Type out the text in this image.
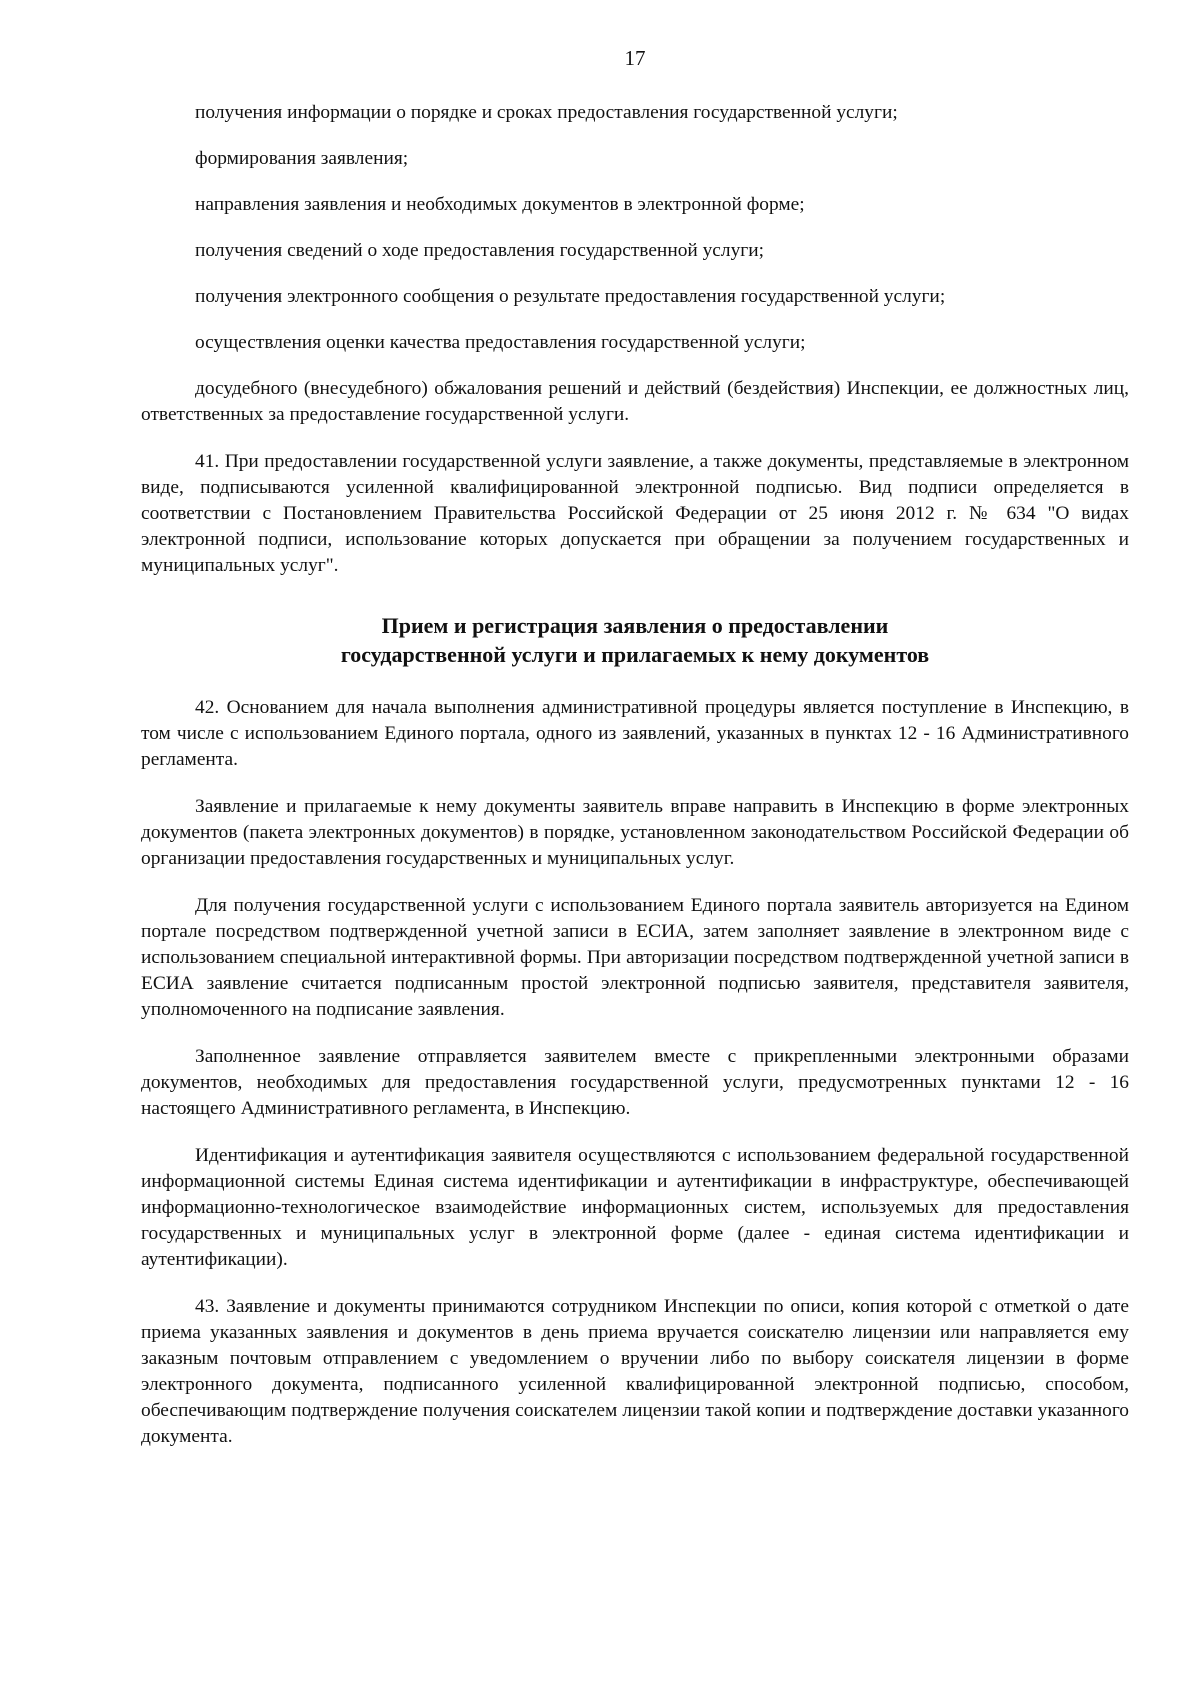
17

получения информации о порядке и сроках предоставления государственной услуги;

формирования заявления;

направления заявления и необходимых документов в электронной форме;

получения сведений о ходе предоставления государственной услуги;

получения электронного сообщения о результате предоставления государственной услуги;

осуществления оценки качества предоставления государственной услуги;

досудебного (внесудебного) обжалования решений и действий (бездействия) Инспекции, ее должностных лиц, ответственных за предоставление государственной услуги.

41. При предоставлении государственной услуги заявление, а также документы, представляемые в электронном виде, подписываются усиленной квалифицированной электронной подписью. Вид подписи определяется в соответствии с Постановлением Правительства Российской Федерации от 25 июня 2012 г. № 634 "О видах электронной подписи, использование которых допускается при обращении за получением государственных и муниципальных услуг".

Прием и регистрация заявления о предоставлении
государственной услуги и прилагаемых к нему документов

42. Основанием для начала выполнения административной процедуры является поступление в Инспекцию, в том числе с использованием Единого портала, одного из заявлений, указанных в пунктах 12 - 16 Административного регламента.

Заявление и прилагаемые к нему документы заявитель вправе направить в Инспекцию в форме электронных документов (пакета электронных документов) в порядке, установленном законодательством Российской Федерации об организации предоставления государственных и муниципальных услуг.

Для получения государственной услуги с использованием Единого портала заявитель авторизуется на Едином портале посредством подтвержденной учетной записи в ЕСИА, затем заполняет заявление в электронном виде с использованием специальной интерактивной формы. При авторизации посредством подтвержденной учетной записи в ЕСИА заявление считается подписанным простой электронной подписью заявителя, представителя заявителя, уполномоченного на подписание заявления.

Заполненное заявление отправляется заявителем вместе с прикрепленными электронными образами документов, необходимых для предоставления государственной услуги, предусмотренных пунктами 12 - 16 настоящего Административного регламента, в Инспекцию.

Идентификация и аутентификация заявителя осуществляются с использованием федеральной государственной информационной системы Единая система идентификации и аутентификации в инфраструктуре, обеспечивающей информационно-технологическое взаимодействие информационных систем, используемых для предоставления государственных и муниципальных услуг в электронной форме (далее - единая система идентификации и аутентификации).

43. Заявление и документы принимаются сотрудником Инспекции по описи, копия которой с отметкой о дате приема указанных заявления и документов в день приема вручается соискателю лицензии или направляется ему заказным почтовым отправлением с уведомлением о вручении либо по выбору соискателя лицензии в форме электронного документа, подписанного усиленной квалифицированной электронной подписью, способом, обеспечивающим подтверждение получения соискателем лицензии такой копии и подтверждение доставки указанного документа.
